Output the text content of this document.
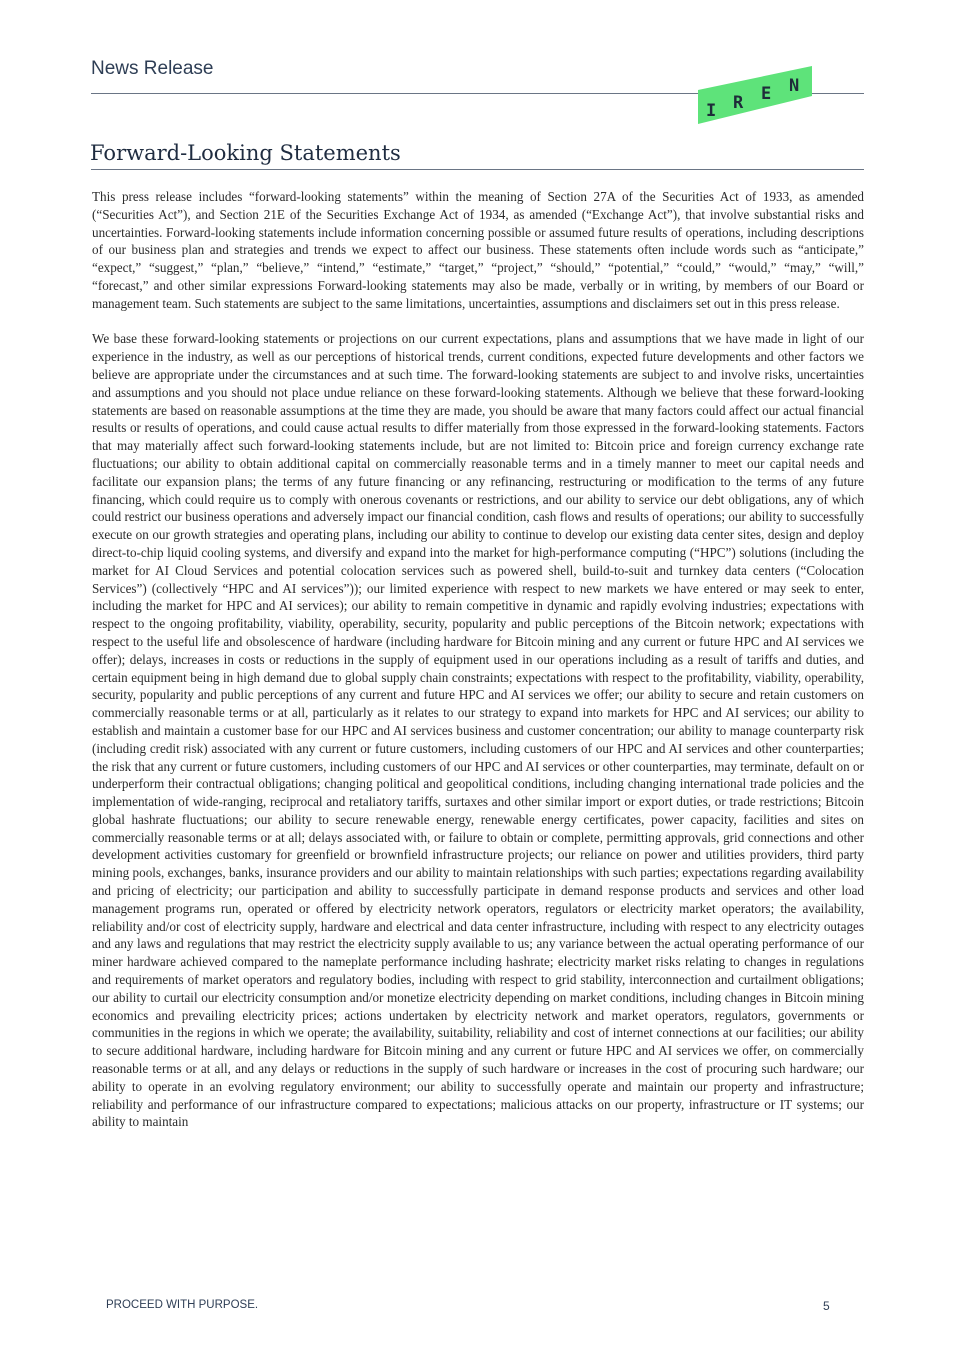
News Release
I R E N
Forward-Looking Statements

This press release includes “forward-looking statements” within the meaning of Section 27A of the Securities Act of 1933, as amended (“Securities Act”), and Section 21E of the Securities Exchange Act of 1934, as amended (“Exchange Act”), that involve substantial risks and uncertainties. Forward-looking statements include information concerning possible or assumed future results of operations, including descriptions of our business plan and strategies and trends we expect to affect our business. These statements often include words such as “anticipate,” “expect,” “suggest,” “plan,” “believe,” “intend,” “estimate,” “target,” “project,” “should,” “potential,” “could,” “would,” “may,” “will,” “forecast,” and other similar expressions Forward-looking statements may also be made, verbally or in writing, by members of our Board or management team. Such statements are subject to the same limitations, uncertainties, assumptions and disclaimers set out in this press release.

We base these forward-looking statements or projections on our current expectations, plans and assumptions that we have made in light of our experience in the industry, as well as our perceptions of historical trends, current conditions, expected future developments and other factors we believe are appropriate under the circumstances and at such time. The forward-looking statements are subject to and involve risks, uncertainties and assumptions and you should not place undue reliance on these forward-looking statements. Although we believe that these forward-looking statements are based on reasonable assumptions at the time they are made, you should be aware that many factors could affect our actual financial results or results of operations, and could cause actual results to differ materially from those expressed in the forward-looking statements. Factors that may materially affect such forward-looking statements include, but are not limited to: Bitcoin price and foreign currency exchange rate fluctuations; our ability to obtain additional capital on commercially reasonable terms and in a timely manner to meet our capital needs and facilitate our expansion plans; the terms of any future financing or any refinancing, restructuring or modification to the terms of any future financing, which could require us to comply with onerous covenants or restrictions, and our ability to service our debt obligations, any of which could restrict our business operations and adversely impact our financial condition, cash flows and results of operations; our ability to successfully execute on our growth strategies and operating plans, including our ability to continue to develop our existing data center sites, design and deploy direct-to-chip liquid cooling systems, and diversify and expand into the market for high-performance computing (“HPC”) solutions (including the market for AI Cloud Services and potential colocation services such as powered shell, build-to-suit and turnkey data centers (“Colocation Services”) (collectively “HPC and AI services”)); our limited experience with respect to new markets we have entered or may seek to enter, including the market for HPC and AI services); our ability to remain competitive in dynamic and rapidly evolving industries; expectations with respect to the ongoing profitability, viability, operability, security, popularity and public perceptions of the Bitcoin network; expectations with respect to the useful life and obsolescence of hardware (including hardware for Bitcoin mining and any current or future HPC and AI services we offer); delays, increases in costs or reductions in the supply of equipment used in our operations including as a result of tariffs and duties, and certain equipment being in high demand due to global supply chain constraints; expectations with respect to the profitability, viability, operability, security, popularity and public perceptions of any current and future HPC and AI services we offer; our ability to secure and retain customers on commercially reasonable terms or at all, particularly as it relates to our strategy to expand into markets for HPC and AI services; our ability to establish and maintain a customer base for our HPC and AI services business and customer concentration; our ability to manage counterparty risk (including credit risk) associated with any current or future customers, including customers of our HPC and AI services and other counterparties; the risk that any current or future customers, including customers of our HPC and AI services or other counterparties, may terminate, default on or underperform their contractual obligations; changing political and geopolitical conditions, including changing international trade policies and the implementation of wide-ranging, reciprocal and retaliatory tariffs, surtaxes and other similar import or export duties, or trade restrictions; Bitcoin global hashrate fluctuations; our ability to secure renewable energy, renewable energy certificates, power capacity, facilities and sites on commercially reasonable terms or at all; delays associated with, or failure to obtain or complete, permitting approvals, grid connections and other development activities customary for greenfield or brownfield infrastructure projects; our reliance on power and utilities providers, third party mining pools, exchanges, banks, insurance providers and our ability to maintain relationships with such parties; expectations regarding availability and pricing of electricity; our participation and ability to successfully participate in demand response products and services and other load management programs run, operated or offered by electricity network operators, regulators or electricity market operators; the availability, reliability and/or cost of electricity supply, hardware and electrical and data center infrastructure, including with respect to any electricity outages and any laws and regulations that may restrict the electricity supply available to us; any variance between the actual operating performance of our miner hardware achieved compared to the nameplate performance including hashrate; electricity market risks relating to changes in regulations and requirements of market operators and regulatory bodies, including with respect to grid stability, interconnection and curtailment obligations; our ability to curtail our electricity consumption and/or monetize electricity depending on market conditions, including changes in Bitcoin mining economics and prevailing electricity prices; actions undertaken by electricity network and market operators, regulators, governments or communities in the regions in which we operate; the availability, suitability, reliability and cost of internet connections at our facilities; our ability to secure additional hardware, including hardware for Bitcoin mining and any current or future HPC and AI services we offer, on commercially reasonable terms or at all, and any delays or reductions in the supply of such hardware or increases in the cost of procuring such hardware; our ability to operate in an evolving regulatory environment; our ability to successfully operate and maintain our property and infrastructure; reliability and performance of our infrastructure compared to expectations; malicious attacks on our property, infrastructure or IT systems; our ability to maintain

PROCEED WITH PURPOSE.	5
